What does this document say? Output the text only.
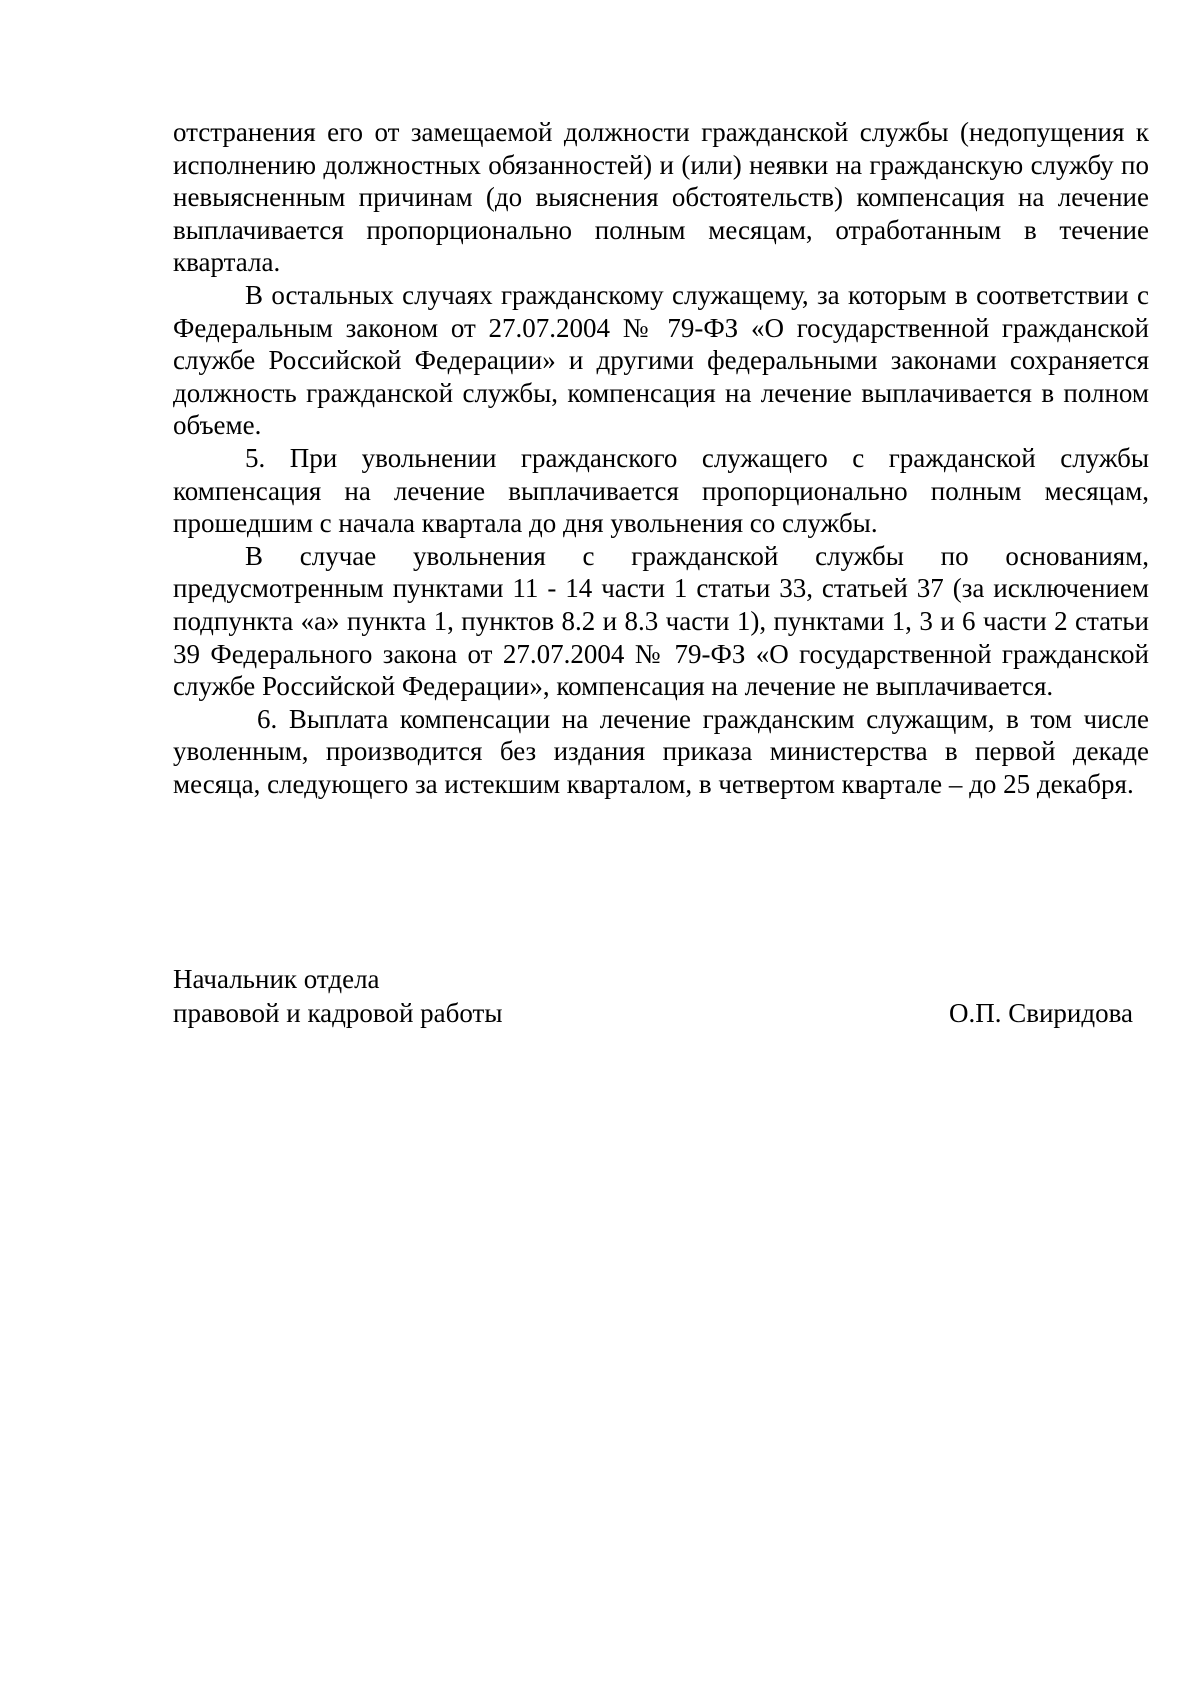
отстранения его от замещаемой должности гражданской службы (недопущения к исполнению должностных обязанностей) и (или) неявки на гражданскую службу по невыясненным причинам (до выяснения обстоятельств) компенсация на лечение выплачивается пропорционально полным месяцам, отработанным в течение квартала.

В остальных случаях гражданскому служащему, за которым в соответствии с Федеральным законом от 27.07.2004 № 79-ФЗ «О государственной гражданской службе Российской Федерации» и другими федеральными законами сохраняется должность гражданской службы, компенсация на лечение выплачивается в полном объеме.

5. При увольнении гражданского служащего с гражданской службы компенсация на лечение выплачивается пропорционально полным месяцам, прошедшим с начала квартала до дня увольнения со службы.

В случае увольнения с гражданской службы по основаниям, предусмотренным пунктами 11 - 14 части 1 статьи 33, статьей 37 (за исключением подпункта «а» пункта 1, пунктов 8.2 и 8.3 части 1), пунктами 1, 3 и 6 части 2 статьи 39 Федерального закона от 27.07.2004 № 79-ФЗ «О государственной гражданской службе Российской Федерации», компенсация на лечение не выплачивается.

6. Выплата компенсации на лечение гражданским служащим, в том числе уволенным, производится без издания приказа министерства в первой декаде месяца, следующего за истекшим кварталом, в четвертом квартале – до 25 декабря.

Начальник отдела
правовой и кадровой работы	О.П. Свиридова
